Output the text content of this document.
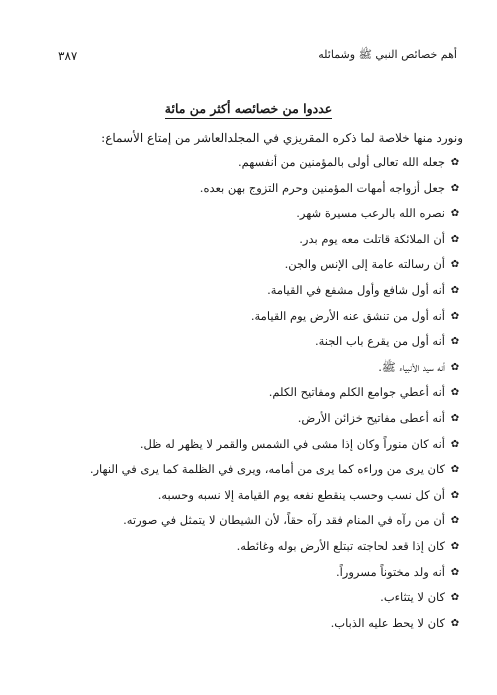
أهم خصائص النبي ﷺ وشمائله
٣٨٧
عددوا من خصائصه أكثر من مائة
ونورد منها خلاصة لما ذكره المقريزي في المجلدالعاشر من إمتاع الأسماع:
✿
جعله الله تعالى أولى بالمؤمنين من أنفسهم.
✿
جعل أزواجه أمهات المؤمنين وحرم التزوج بهن بعده.
✿
نصره الله بالرعب مسيرة شهر.
✿
أن الملائكة قاتلت معه يوم بدر.
✿
أن رسالته عامة إلى الإنس والجن.
✿
أنه أول شافع وأول مشفع في القيامة.
✿
أنه أول من تنشق عنه الأرض يوم القيامة.
✿
أنه أول من يقرع باب الجنة.
✿
أنه سيد الأنبياء ﷺ.
✿
أنه أعطي جوامع الكلم ومفاتيح الكلم.
✿
أنه أعطى مفاتيح خزائن الأرض.
✿
أنه كان منوراً وكان إذا مشى في الشمس والقمر لا يظهر له ظل.
✿
كان يرى من وراءه كما يرى من أمامه، ويرى في الظلمة كما يرى في النهار.
✿
أن كل نسب وحسب ينقطع نفعه يوم القيامة إلا نسبه وحسبه.
✿
أن من رآه في المنام فقد رآه حقاً، لأن الشيطان لا يتمثل في صورته.
✿
كان إذا قعد لحاجته تبتلع الأرض بوله وغائطه.
✿
أنه ولد مختوناً مسروراً.
✿
كان لا يتثاءب.
✿
كان لا يحط عليه الذباب.
